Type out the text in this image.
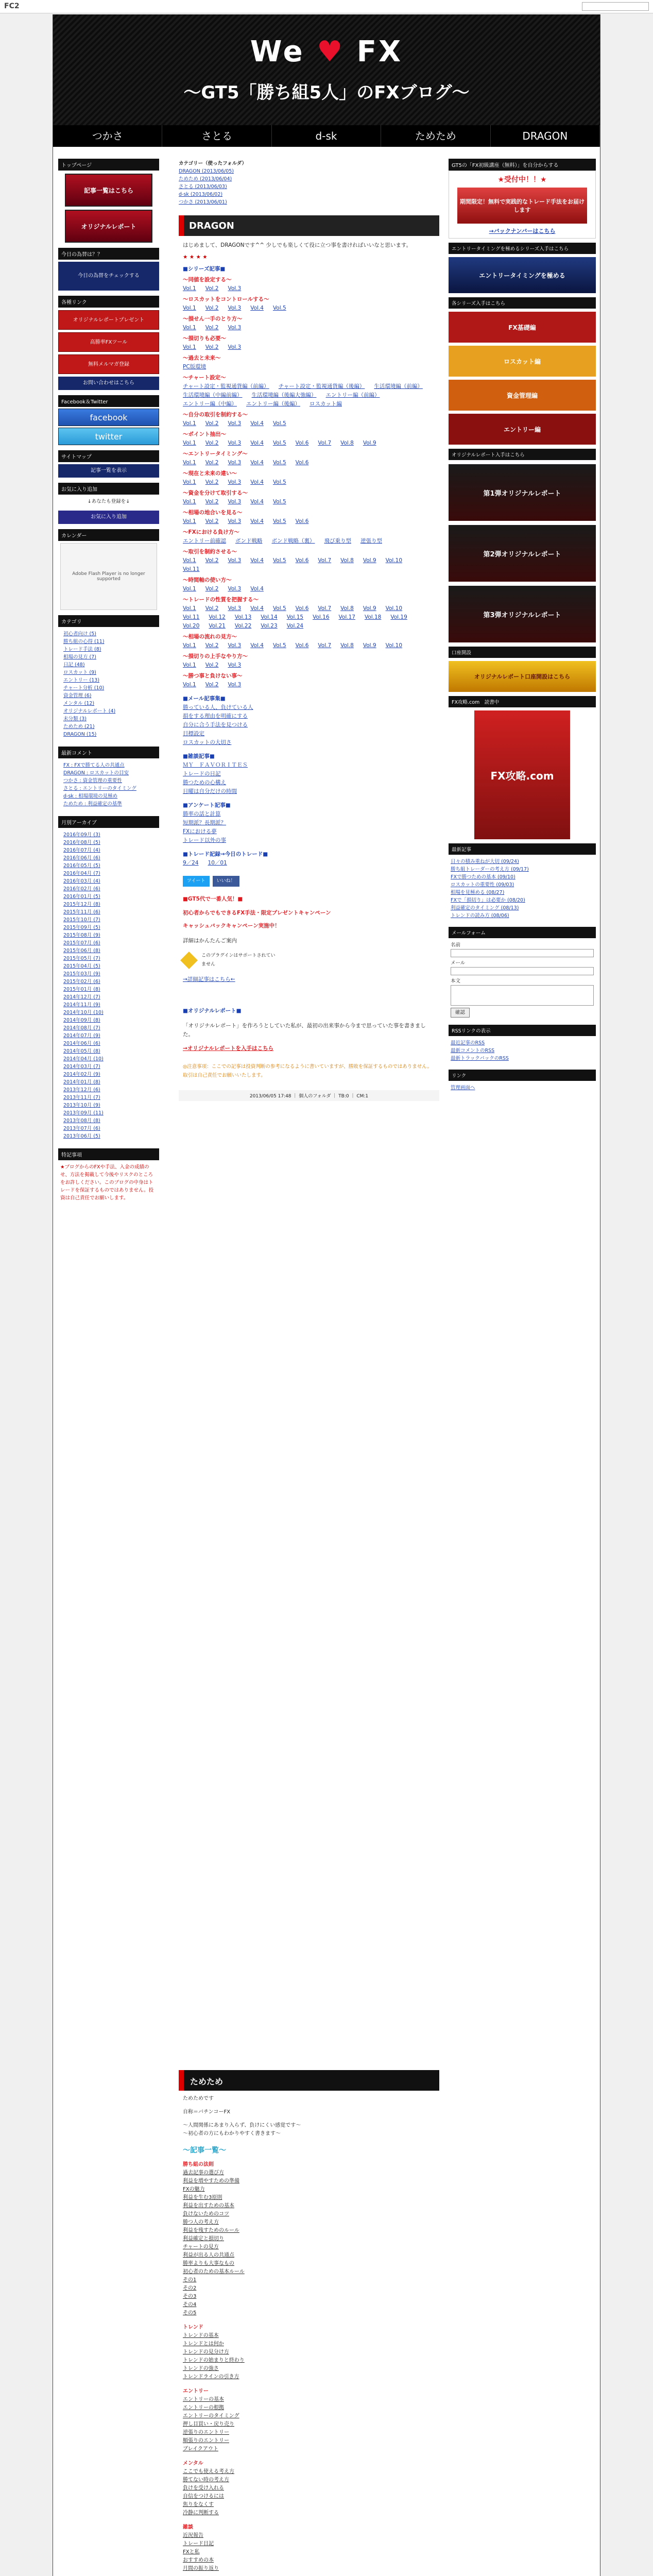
FC2
We ♥ FX
～GT5「勝ち組5人」のFXブログ～
つかさ	さとる	d-sk	ためため	DRAGON
トップページ
記事一覧はこちら
オリジナルレポート
今日の為替は？？
今日の為替をチェックする
各種リンク
オリジナルレポートプレゼント
高勝率FXツール
無料メルマガ登録
お問い合わせはこちら
Facebook＆Twitter
facebook
twitter
サイトマップ
記事一覧を表示
お気に入り追加
↓あなたも登録を↓
お気に入り追加
カレンダー
Adobe Flash Player is no longer supported
カテゴリ
初心者向け (5)
勝ち組の心得 (11)
トレード手法 (8)
相場の見方 (7)
日記 (48)
ロスカット (9)
エントリー (13)
チャート分析 (10)
資金管理 (6)
メンタル (12)
オリジナルレポート (4)
未分類 (3)
ためため (21)
DRAGON (15)
最新コメント
FX : FXで勝てる人の共通点
DRAGON : ロスカットの目安
つかさ : 資金管理の重要性
さとる : エントリーのタイミング
d-sk : 相場環境の見極め
ためため : 利益確定の基準
月別アーカイブ
2016年09月 (3)
2016年08月 (5)
2016年07月 (4)
2016年06月 (6)
2016年05月 (5)
2016年04月 (7)
2016年03月 (4)
2016年02月 (6)
2016年01月 (5)
2015年12月 (8)
2015年11月 (6)
2015年10月 (7)
2015年09月 (5)
2015年08月 (9)
2015年07月 (6)
2015年06月 (8)
2015年05月 (7)
2015年04月 (5)
2015年03月 (9)
2015年02月 (6)
2015年01月 (8)
2014年12月 (7)
2014年11月 (9)
2014年10月 (10)
2014年09月 (8)
2014年08月 (7)
2014年07月 (9)
2014年06月 (6)
2014年05月 (8)
2014年04月 (10)
2014年03月 (7)
2014年02月 (9)
2014年01月 (8)
2013年12月 (6)
2013年11月 (7)
2013年10月 (9)
2013年09月 (11)
2013年08月 (8)
2013年07月 (6)
2013年06月 (5)
特記事項
★ブログからのFXや手法、入金の成績のせ、方法を掲載して今後やリスクのところをお許しください。このブログの中身はトレードを保証するものではありません。投資は自己責任でお願いします。
カテゴリー（使ったフォルダ）
DRAGON (2013/06/05)
ためため (2013/06/04)
さとる (2013/06/03)
d-sk (2013/06/02)
つかさ (2013/06/01)
DRAGON
はじめまして、DRAGONです^^ 少しでも楽しくて役に立つ事を書ければいいなと思います。
★ ★ ★ ★
■シリーズ記事■
～同値を設定する～
Vol.1 Vol.2 Vol.3
～ロスカットをコントロールする～
Vol.1 Vol.2 Vol.3 Vol.4 Vol.5
～損せん一手のとり方～
Vol.1 Vol.2 Vol.3
～損切りも必要～
Vol.1 Vol.2 Vol.3
～過去と未来～
PC版環境
～チャート設定～
チャート設定・監視通貨編（前編） チャート設定・監視通貨編（後編） 生活環境編（前編）
生活環境編（中編前編） 生活環境編（後編大強編） エントリー編（前編）
エントリー編（中編） エントリー編（後編） ロスカット編
～自分の取引を制約する～
Vol.1 Vol.2 Vol.3 Vol.4 Vol.5
～ポイント抽出～
Vol.1 Vol.2 Vol.3 Vol.4 Vol.5 Vol.6 Vol.7 Vol.8 Vol.9
～エントリータイミング～
Vol.1 Vol.2 Vol.3 Vol.4 Vol.5 Vol.6
～現在と未来の違い～
Vol.1 Vol.2 Vol.3 Vol.4 Vol.5
～資金を分けて取引する～
Vol.1 Vol.2 Vol.3 Vol.4 Vol.5
～相場の地合いを見る～
Vol.1 Vol.2 Vol.3 Vol.4 Vol.5 Vol.6
～FXにおける負け方～
エントリー前確認 ボンド戦略 ボンド戦略（裏） 飛び乗り型 逆張り型
～取引を制約させる～
Vol.1 Vol.2 Vol.3 Vol.4 Vol.5 Vol.6 Vol.7 Vol.8 Vol.9 Vol.10
Vol.11
～時間軸の使い方～
Vol.1 Vol.2 Vol.3 Vol.4
～トレードの性質を把握する～
Vol.1 Vol.2 Vol.3 Vol.4 Vol.5 Vol.6 Vol.7 Vol.8 Vol.9 Vol.10
Vol.11 Vol.12 Vol.13 Vol.14 Vol.15 Vol.16 Vol.17 Vol.18 Vol.19
Vol.20 Vol.21 Vol.22 Vol.23 Vol.24
～相場の流れの見方～
Vol.1 Vol.2 Vol.3 Vol.4 Vol.5 Vol.6 Vol.7 Vol.8 Vol.9 Vol.10
～損切りの上手なやり方～
Vol.1 Vol.2 Vol.3
～勝つ事と負けない事～
Vol.1 Vol.2 Vol.3
■メール記事集■
勝っている人、負けている人
損をする理由を明確にする
自分に合う手法を見つける
目標設定
ロスカットの大切さ
■雑談記事■
ＭＹ　ＦＡＶＯＲＩＴＥＳ
トレードの日記
勝つための心構え
日曜は自分だけの時間
■アンケート記事■
勝率の話と計算
短期派？長期派？
FXにおける夢
トレード以外の事
■トレード記録→今日のトレード■
9／24 10／01
ツイート	いいね！
■GT5代で一番人気！■
初心者からでもできるFX手法・限定プレゼントキャンペーン
キャッシュバックキャンペーン実施中！
詳細はかんたんご案内
このプラグインはサポートされていません
→詳細記事はこちら←
■オリジナルレポート■
「オリジナルレポート」を作ろうとしていた私が、最初の出来事から今まで思っていた事を書きました。
→オリジナルレポートを入手はこちら
◎注意事項：ここでの記事は投資判断の参考になるように書いていますが、勝敗を保証するものではありません。取引は自己責任でお願いいたします。
2013/06/05 17:48 ｜ 個人のフォルダ ｜ TB:0 ｜ CM:1
ためため
ためためです
自称＝バチンコーFX
～人間関係にあまり入らず、負けにくい感覚です～
～初心者の方にもわかりやすく書きます～
～記事一覧～
勝ち組の法則
過去記事の選び方
利益を増やすための準備
FXの魅力
利益を生む3原則
利益を出すための基本
負けないためのコツ
勝つ人の考え方
利益を残すためのルール
利益確定と損切り
チャートの見方
利益が出る人の共通点
勝率よりも大事なもの
初心者のための基本ルール
その1
その2
その3
その4
その5
トレンド
トレンドの基本
トレンドとは何か
トレンドの見分け方
トレンドの始まりと終わり
トレンドの強さ
トレンドラインの引き方
エントリー
エントリーの基本
エントリーの根拠
エントリーのタイミング
押し目買い・戻り売り
逆張りのエントリー
順張りのエントリー
ブレイクアウト
メンタル
ここでも使える考え方
勝てない時の考え方
負けを受け入れる
自信をつけるには
焦りをなくす
冷静に判断する
雑談
近況報告
トレード日記
FXと私
おすすめの本
月間の振り返り
GT5の「FX初級講座（無料）」を自分からする
★受付中！！★
期間限定！無料で実践的なトレード手法をお届けします
→バックナンバーはこちら
エントリータイミングを極めるシリーズ入手はこちら
エントリータイミングを極める
各シリーズ入手はこちら
FX基礎編
ロスカット編
資金管理編
エントリー編
オリジナルレポート入手はこちら
第1弾オリジナルレポート
第2弾オリジナルレポート
第3弾オリジナルレポート
口座開設
オリジナルレポート口座開設はこちら
FX攻略.com　読書中
FX攻略.com
最新記事
日々の積み重ねが大切 (09/24)
勝ち組トレーダーの考え方 (09/17)
FXで勝つための基本 (09/10)
ロスカットの重要性 (09/03)
相場を見極める (08/27)
FXで「損切り」は必要か (08/20)
利益確定のタイミング (08/13)
トレンドの読み方 (08/06)
メールフォーム
名前
メール
本文
確認
RSSリンクの表示
最近記事のRSS
最新コメントのRSS
最新トラックバックのRSS
リンク
管理画面へ
